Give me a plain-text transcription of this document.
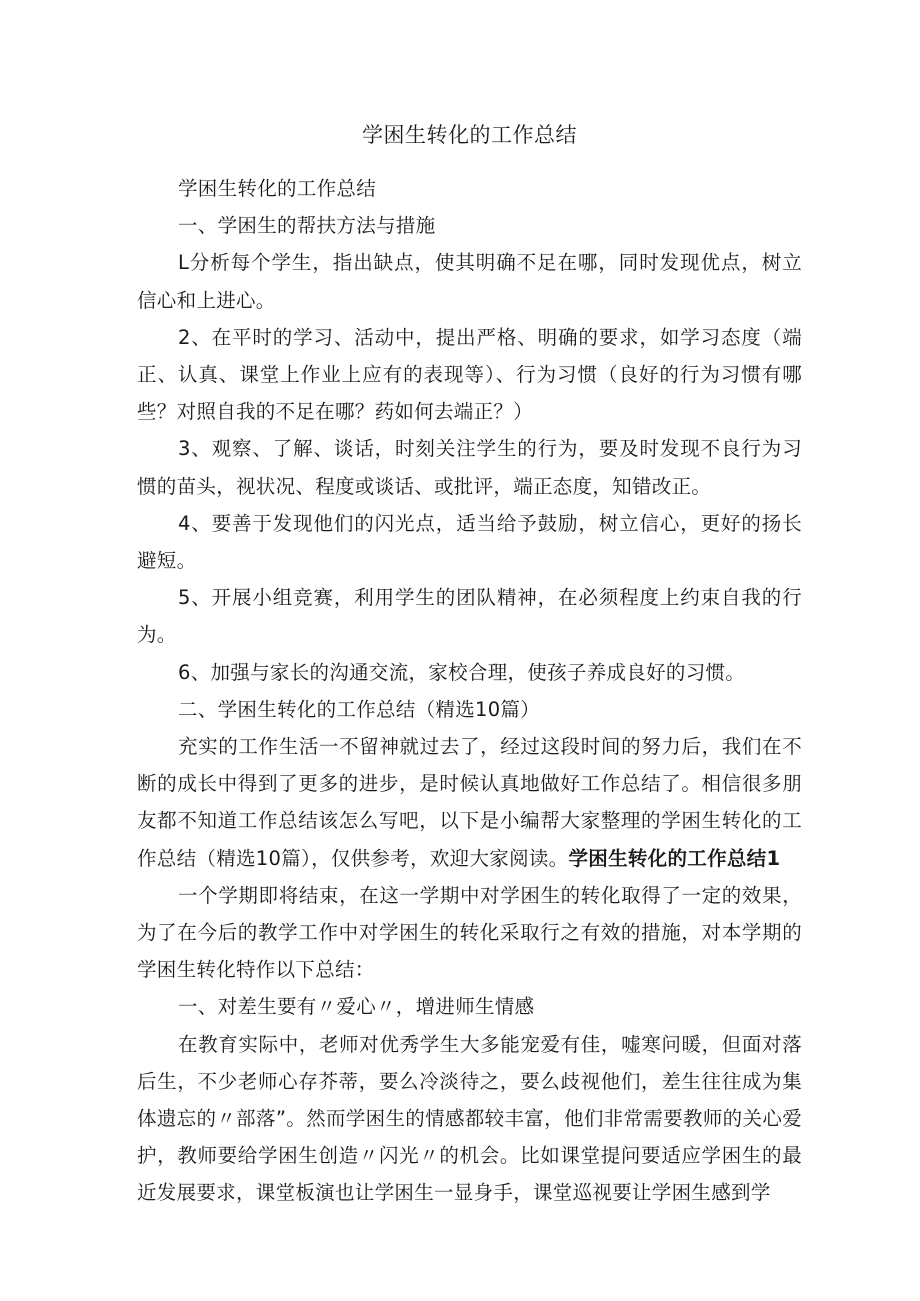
学困生转化的工作总结

学困生转化的工作总结

一、学困生的帮扶方法与措施

L分析每个学生，指出缺点，使其明确不足在哪，同时发现优点，树立信心和上进心。

2、在平时的学习、活动中，提出严格、明确的要求，如学习态度（端正、认真、课堂上作业上应有的表现等）、行为习惯（良好的行为习惯有哪些？对照自我的不足在哪？药如何去端正？）

3、观察、了解、谈话，时刻关注学生的行为，要及时发现不良行为习惯的苗头，视状况、程度或谈话、或批评，端正态度，知错改正。

4、要善于发现他们的闪光点，适当给予鼓励，树立信心，更好的扬长避短。

5、开展小组竞赛，利用学生的团队精神，在必须程度上约束自我的行为。

6、加强与家长的沟通交流，家校合理，使孩子养成良好的习惯。

二、学困生转化的工作总结（精选10篇）

充实的工作生活一不留神就过去了，经过这段时间的努力后，我们在不断的成长中得到了更多的进步，是时候认真地做好工作总结了。相信很多朋友都不知道工作总结该怎么写吧，以下是小编帮大家整理的学困生转化的工作总结（精选10篇），仅供参考，欢迎大家阅读。学困生转化的工作总结1

一个学期即将结束，在这一学期中对学困生的转化取得了一定的效果，为了在今后的教学工作中对学困生的转化采取行之有效的措施，对本学期的学困生转化特作以下总结：

一、对差生要有〃爱心〃，增进师生情感

在教育实际中，老师对优秀学生大多能宠爱有佳，嘘寒问暖，但面对落后生，不少老师心存芥蒂，要么冷淡待之，要么歧视他们，差生往往成为集体遗忘的〃部落”。然而学困生的情感都较丰富，他们非常需要教师的关心爱护，教师要给学困生创造〃闪光〃的机会。比如课堂提问要适应学困生的最近发展要求，课堂板演也让学困生一显身手，课堂巡视要让学困生感到学
